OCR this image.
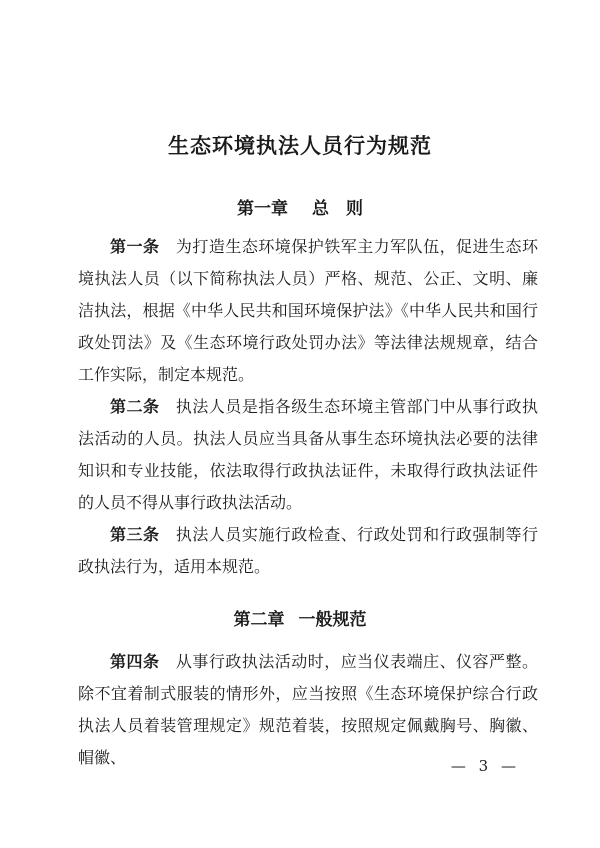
生态环境执法人员行为规范
第一章 总　则

第一条　 为打造生态环境保护铁军主力军队伍，促进生态环境执法人员（以下简称执法人员）严格、规范、公正、文明、廉洁执法，根据《中华人民共和国环境保护法》《中华人民共和国行政处罚法》及《生态环境行政处罚办法》等法律法规规章，结合工作实际，制定本规范。

第二条　 执法人员是指各级生态环境主管部门中从事行政执法活动的人员。执法人员应当具备从事生态环境执法必要的法律知识和专业技能，依法取得行政执法证件，未取得行政执法证件的人员不得从事行政执法活动。

第三条　 执法人员实施行政检查、行政处罚和行政强制等行政执法行为，适用本规范。

第二章 一般规范

第四条　 从事行政执法活动时，应当仪表端庄、仪容严整。除不宜着制式服装的情形外，应当按照《生态环境保护综合行政执法人员着装管理规定》规范着装，按照规定佩戴胸号、胸徽、帽徽、	— 3 —
